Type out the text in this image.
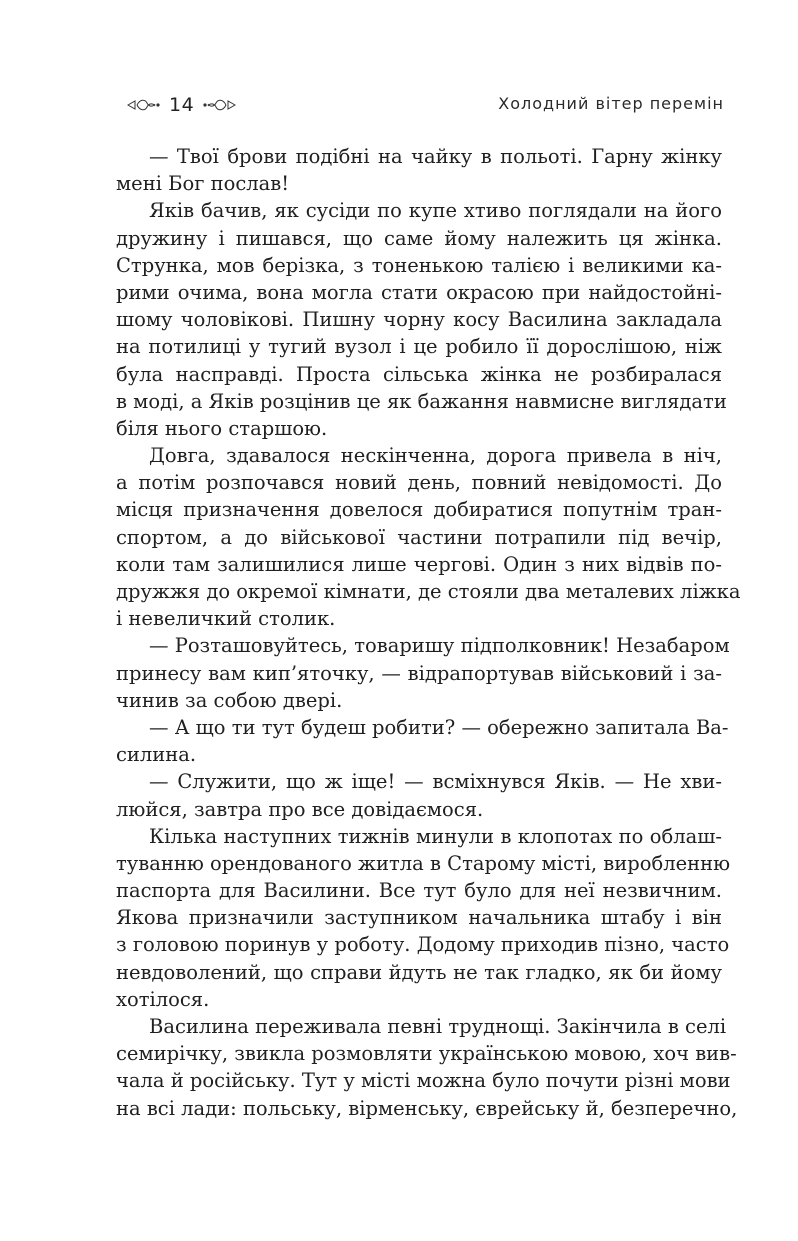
14	Холодний вітер перемін
— Твої брови подібні на чайку в польоті. Гарну жінку
мені Бог послав!
Яків бачив, як сусіди по купе хтиво поглядали на його
дружину і пишався, що саме йому належить ця жінка.
Струнка, мов берізка, з тоненькою талією і великими ка-
рими очима, вона могла стати окрасою при найдостойні-
шому чоловікові. Пишну чорну косу Василина закладала
на потилиці у тугий вузол і це робило її дорослішою, ніж
була насправді. Проста сільська жінка не розбиралася
в моді, а Яків розцінив це як бажання навмисне виглядати
біля нього старшою.
Довга, здавалося нескінченна, дорога привела в ніч,
а потім розпочався новий день, повний невідомості. До
місця призначення довелося добиратися попутнім тран-
спортом, а до військової частини потрапили під вечір,
коли там залишилися лише чергові. Один з них відвів по-
дружжя до окремої кімнати, де стояли два металевих ліжка
і невеличкий столик.
— Розташовуйтесь, товаришу підполковник! Незабаром
принесу вам кип’яточку, — відрапортував військовий і за-
чинив за собою двері.
— А що ти тут будеш робити? — обережно запитала Ва-
силина.
— Служити, що ж іще! — всміхнувся Яків. — Не хви-
люйся, завтра про все довідаємося.
Кілька наступних тижнів минули в клопотах по облаш-
туванню орендованого житла в Старому місті, виробленню
паспорта для Василини. Все тут було для неї незвичним.
Якова призначили заступником начальника штабу і він
з головою поринув у роботу. Додому приходив пізно, часто
невдоволений, що справи йдуть не так гладко, як би йому
хотілося.
Василина переживала певні труднощі. Закінчила в селі
семирічку, звикла розмовляти українською мовою, хоч вив-
чала й російську. Тут у місті можна було почути різні мови
на всі лади: польську, вірменську, єврейську й, безперечно,
